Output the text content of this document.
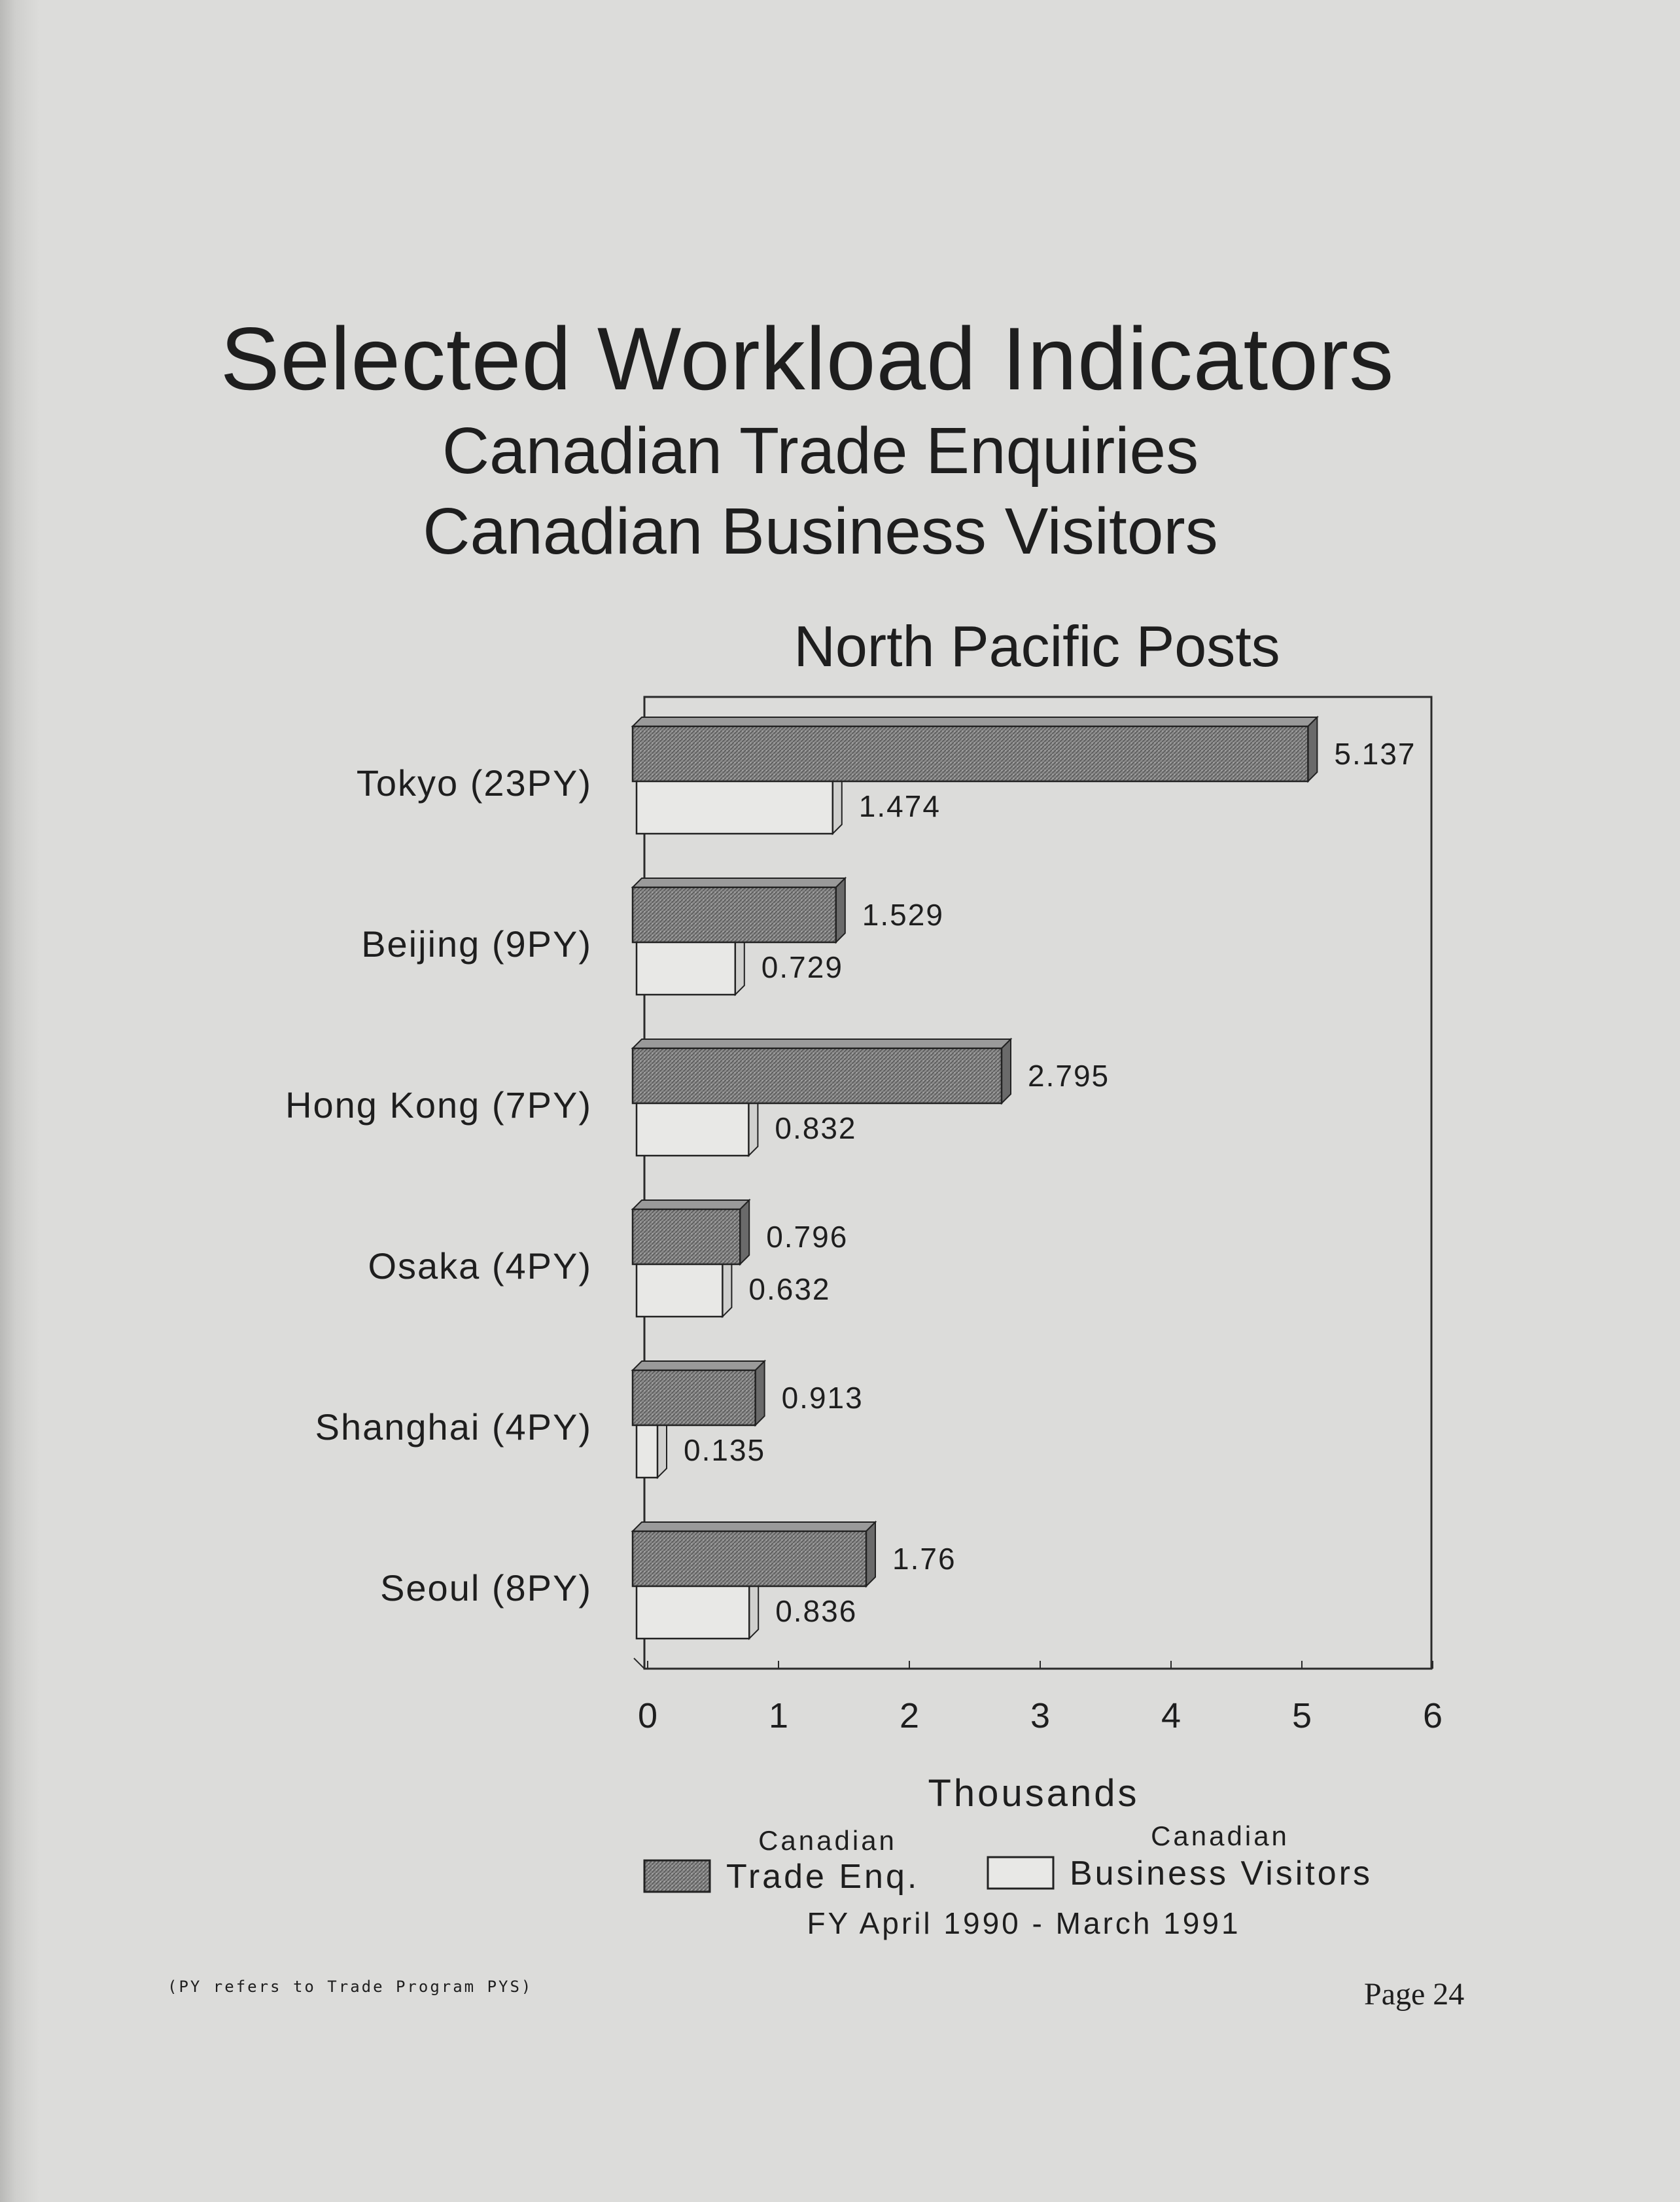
Selected Workload Indicators
Canadian Trade Enquiries
Canadian Business Visitors
North Pacific Posts
Tokyo (23PY)
1.474
5.137
Beijing (9PY)
0.729
1.529
Hong Kong (7PY)
0.832
2.795
Osaka (4PY)
0.632
0.796
Shanghai (4PY)
0.135
0.913
Seoul (8PY)
0.836
1.76
0	1	2	3	4	5	6
Thousands
Canadian
Trade Enq.
Canadian
Business Visitors
FY April 1990 - March 1991
(PY refers to Trade Program PYS)	Page 24
